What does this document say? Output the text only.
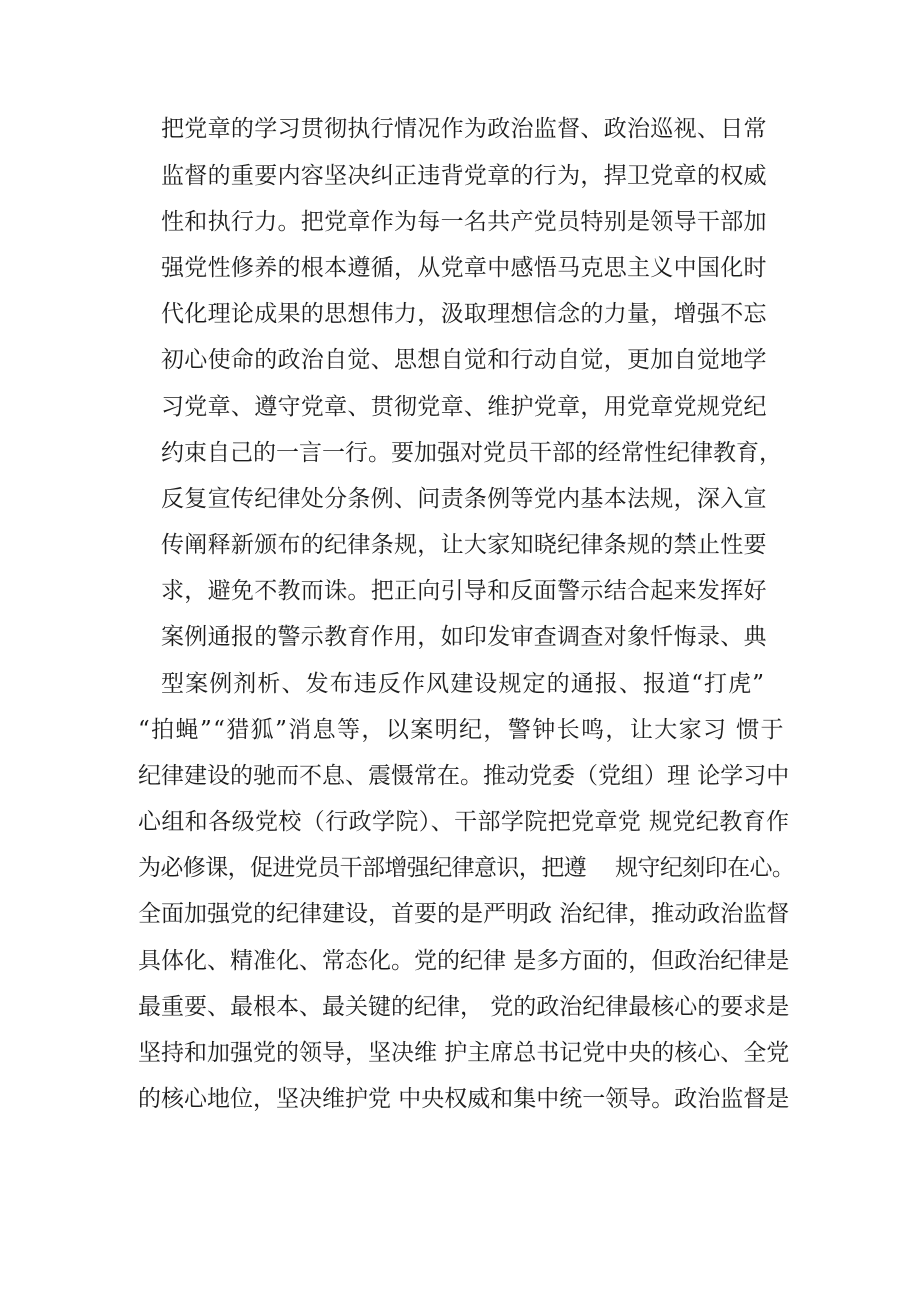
把党章的学习贯彻执行情况作为政治监督、政治巡视、日常
监督的重要内容坚决纠正违背党章的行为，捍卫党章的权威
性和执行力。把党章作为每一名共产党员特别是领导干部加
强党性修养的根本遵循，从党章中感悟马克思主义中国化时
代化理论成果的思想伟力，汲取理想信念的力量，增强不忘
初心使命的政治自觉、思想自觉和行动自觉，更加自觉地学
习党章、遵守党章、贯彻党章、维护党章，用党章党规党纪
约束自己的一言一行。要加强对党员干部的经常性纪律教育，
反复宣传纪律处分条例、问责条例等党内基本法规，深入宣
传阐释新颁布的纪律条规，让大家知晓纪律条规的禁止性要
求，避免不教而诛。把正向引导和反面警示结合起来发挥好
案例通报的警示教育作用，如印发审查调查对象忏悔录、典
型案例剂析、发布违反作风建设规定的通报、报道“打虎”
“拍蝇”“猎狐”消息等，以案明纪，警钟长鸣，让大家习 惯于
纪律建设的驰而不息、震慑常在。推动党委（党组）理 论学习中
心组和各级党校（行政学院）、干部学院把党章党 规党纪教育作
为必修课，促进党员干部增强纪律意识，把遵　 规守纪刻印在心。
全面加强党的纪律建设，首要的是严明政 治纪律，推动政治监督
具体化、精准化、常态化。党的纪律 是多方面的，但政治纪律是
最重要、最根本、最关键的纪律， 党的政治纪律最核心的要求是
坚持和加强党的领导，坚决维 护主席总书记党中央的核心、全党
的核心地位，坚决维护党 中央权威和集中统一领导。政治监督是
